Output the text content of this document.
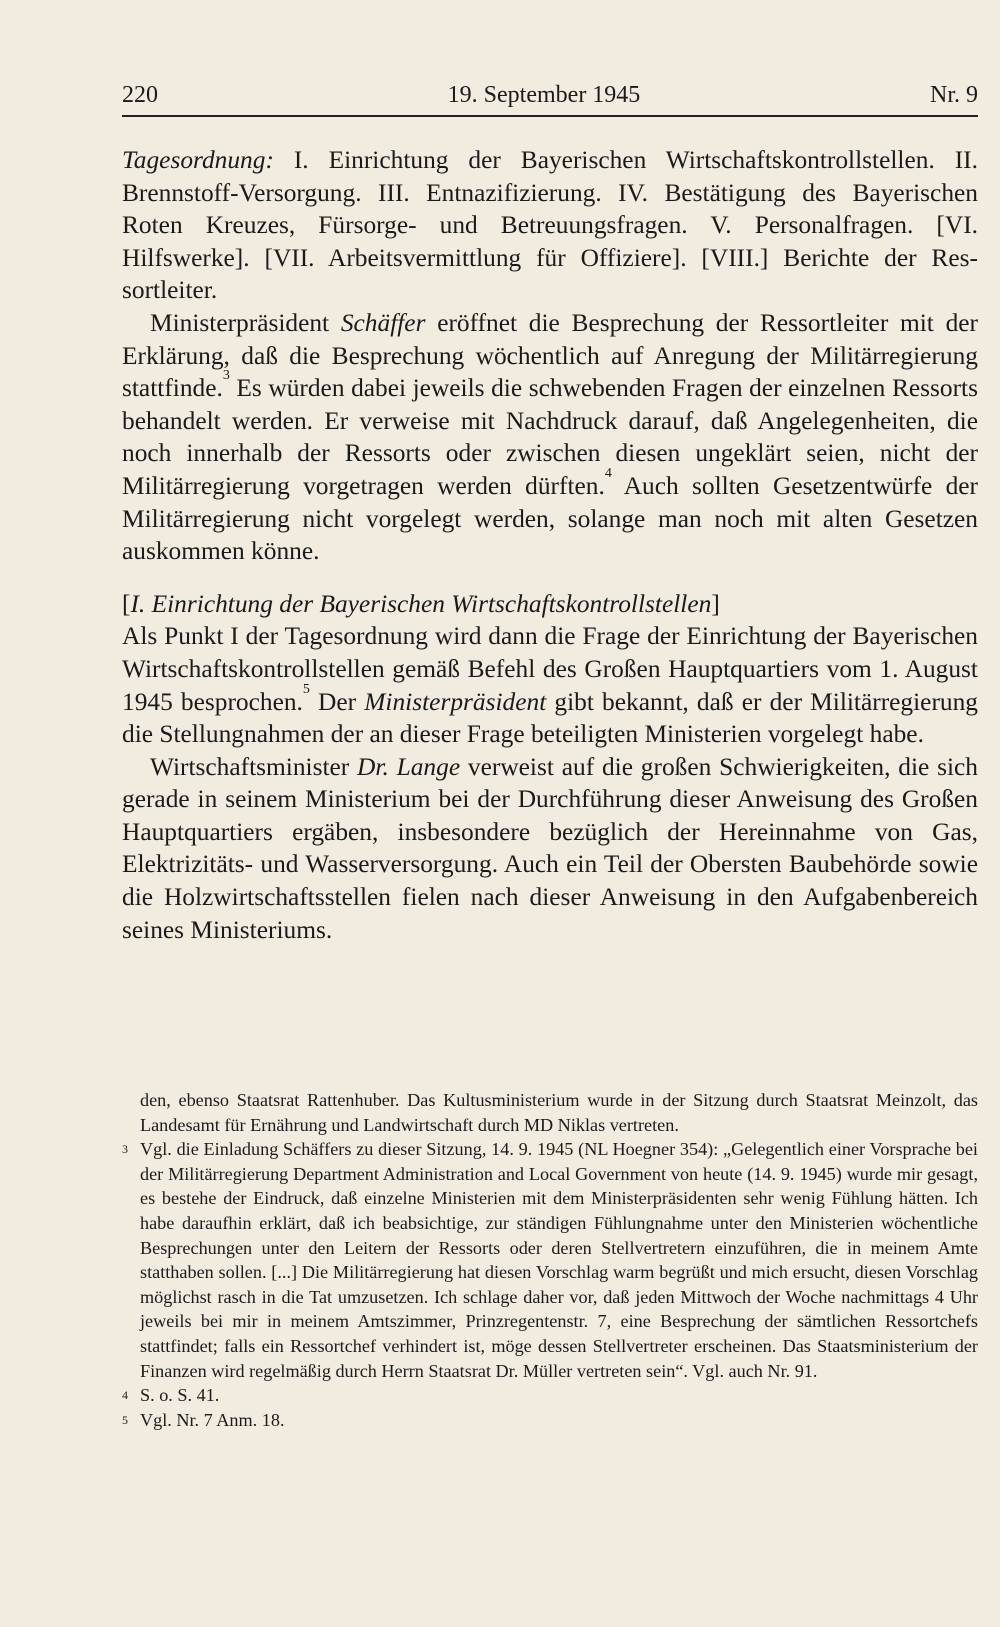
220	19. September 1945	Nr. 9

Tagesordnung: I. Einrichtung der Bayerischen Wirtschaftskontrollstellen. II. Brennstoff-Versorgung. III. Entnazifizierung. IV. Bestätigung des Bayerischen Roten Kreuzes, Fürsorge- und Betreuungsfragen. V. Personalfragen. [VI. Hilfswerke]. [VII. Arbeitsvermittlung für Offiziere]. [VIII.] Berichte der Ressortleiter.

Ministerpräsident Schäffer eröffnet die Besprechung der Ressortleiter mit der Erklärung, daß die Besprechung wöchentlich auf Anregung der Militärregierung stattfinde.$^3$ Es würden dabei jeweils die schwebenden Fragen der einzelnen Ressorts behandelt werden. Er verweise mit Nachdruck darauf, daß Angelegenheiten, die noch innerhalb der Ressorts oder zwischen diesen ungeklärt seien, nicht der Militärregierung vorgetragen werden dürften.$^4$ Auch sollten Gesetzentwürfe der Militärregierung nicht vorgelegt werden, solange man noch mit alten Gesetzen auskommen könne.

[I. Einrichtung der Bayerischen Wirtschaftskontrollstellen]

Als Punkt I der Tagesordnung wird dann die Frage der Einrichtung der Bayerischen Wirtschaftskontrollstellen gemäß Befehl des Großen Hauptquartiers vom 1. August 1945 besprochen.$^5$ Der Ministerpräsident gibt bekannt, daß er der Militärregierung die Stellungnahmen der an dieser Frage beteiligten Ministerien vorgelegt habe.

Wirtschaftsminister Dr. Lange verweist auf die großen Schwierigkeiten, die sich gerade in seinem Ministerium bei der Durchführung dieser Anweisung des Großen Hauptquartiers ergäben, insbesondere bezüglich der Hereinnahme von Gas, Elektrizitäts- und Wasserversorgung. Auch ein Teil der Obersten Baubehörde sowie die Holzwirtschaftsstellen fielen nach dieser Anweisung in den Aufgabenbereich seines Ministeriums.

den, ebenso Staatsrat Rattenhuber. Das Kultusministerium wurde in der Sitzung durch Staatsrat Meinzolt, das Landesamt für Ernährung und Landwirtschaft durch MD Niklas vertreten.

3 Vgl. die Einladung Schäffers zu dieser Sitzung, 14. 9. 1945 (NL Hoegner 354): „Gelegentlich einer Vorsprache bei der Militärregierung Department Administration and Local Government von heute (14. 9. 1945) wurde mir gesagt, es bestehe der Eindruck, daß einzelne Ministerien mit dem Ministerpräsidenten sehr wenig Fühlung hätten. Ich habe daraufhin erklärt, daß ich beabsichtige, zur ständigen Fühlungnahme unter den Ministerien wöchentliche Besprechungen unter den Leitern der Ressorts oder deren Stellvertretern einzuführen, die in meinem Amte statthaben sollen. [...] Die Militärregierung hat diesen Vorschlag warm begrüßt und mich ersucht, diesen Vorschlag möglichst rasch in die Tat umzusetzen. Ich schlage daher vor, daß jeden Mittwoch der Woche nachmittags 4 Uhr jeweils bei mir in meinem Amtszimmer, Prinzregentenstr. 7, eine Besprechung der sämtlichen Ressortchefs stattfindet; falls ein Ressortchef verhindert ist, möge dessen Stellvertreter erscheinen. Das Staatsministerium der Finanzen wird regelmäßig durch Herrn Staatsrat Dr. Müller vertreten sein“. Vgl. auch Nr. 91.

4 S. o. S. 41.

5 Vgl. Nr. 7 Anm. 18.
